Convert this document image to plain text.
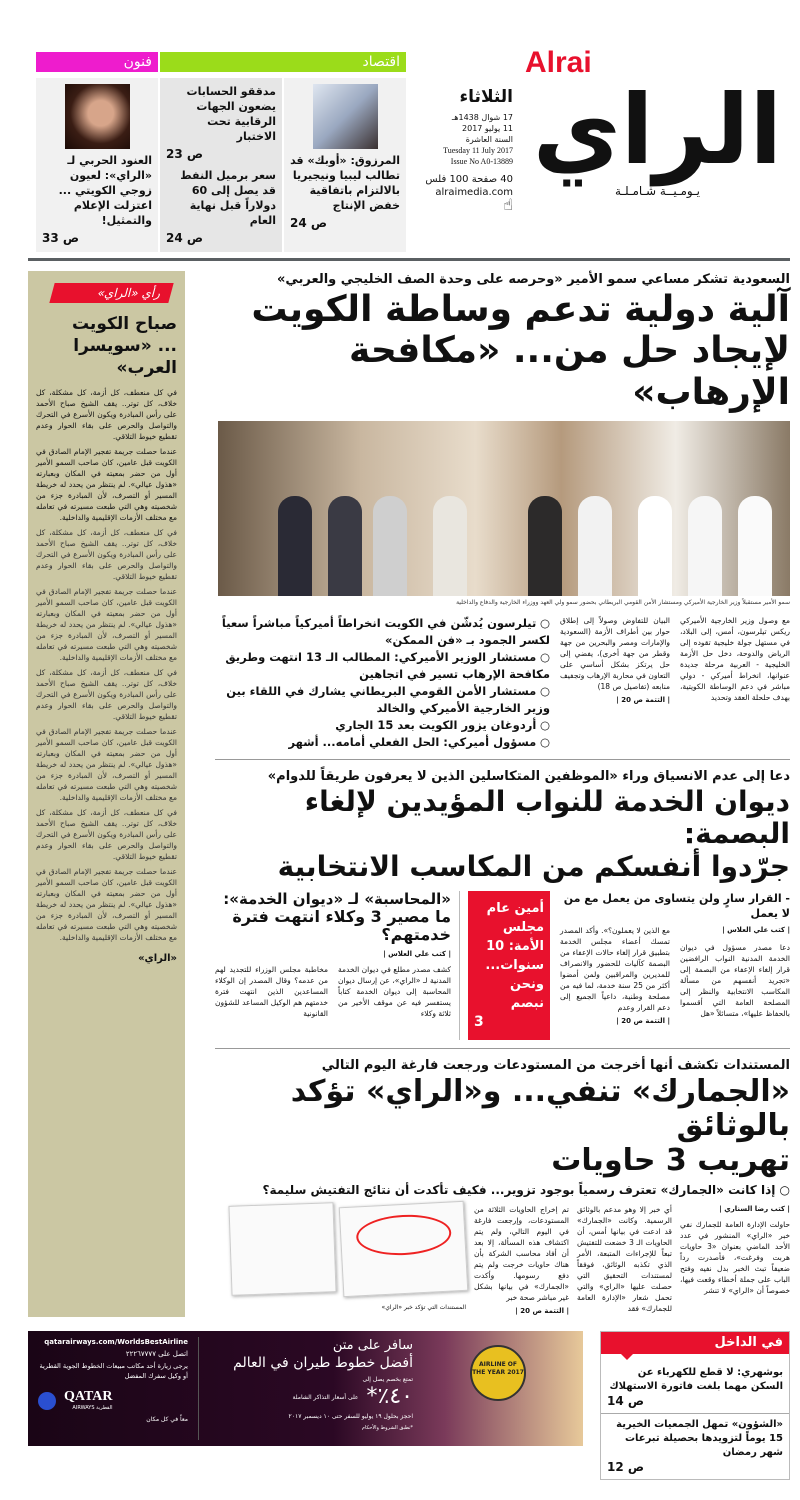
Alrai
الراي
يـومـيــة شـامـلـة
الثلاثاء
17 شوال 1438هـ
11 يوليو 2017
السنة العاشرة
Tuesday 11 July 2017
Issue No A0-13889
40 صفحة 100 فلس
alraimedia.com
☝
اقتصاد
فنون
المرزوق: «أوبك» قد تطالب ليبيا ونيجيريا بالالتزام باتفاقية خفض الإنتاج
ص 24
مدققو الحسابات يضعون الجهات الرقابية تحت الاختبار
ص 23
سعر برميل النفط قد يصل إلى 60 دولاراً قبل نهاية العام
ص 24
العنود الحربي لـ «الراي»: لعيون زوجي الكويتي ... اعتزلت الإعلام والتمثيل!
ص 33
السعودية تشكر مساعي سمو الأمير «وحرصه على وحدة الصف الخليجي والعربي»
آلية دولية تدعم وساطة الكويت
لإيجاد حل من... «مكافحة الإرهاب»
سمو الأمير مستقبلاً وزير الخارجية الأميركي ومستشار الأمن القومي البريطاني بحضور سمو ولي العهد ووزراء الخارجية والدفاع والداخلية
مع وصول وزير الخارجية الأميركي ريكس تيلرسون، أمس، إلى البلاد، في مستهل جولة خليجية تقوده إلى الرياض والدوحة، دخل حل الأزمة الخليجية - العربية مرحلة جديدة عنوانها، انخراط أميركي - دولي مباشر في دعم الوساطة الكويتية، بهدف حلحلة العقد وتحديد
البيان للتفاوض وصولاً إلى إطلاق حوار بين أطراف الأزمة (السعودية والإمارات ومصر والبحرين من جهة وقطر من جهة أخرى)، يفضي إلى حل يرتكز بشكل أساسي على التعاون في محاربة الإرهاب وتجفيف منابعه (تفاصيل ص 18)
| التتمة ص 20 |
○ تيلرسون يُدشّن في الكويت انخراطاً أميركياً مباشراً سعياً لكسر الجمود بـ «فن الممكن»
○ مستشار الوزير الأميركي: المطالب الـ 13 انتهت وطريق مكافحة الإرهاب تسير في اتجاهين
○ مستشار الأمن القومي البريطاني يشارك في اللقاء بين وزير الخارجية الأميركي والخالد
○ أردوغان يزور الكويت بعد 15 الجاري
○ مسؤول أميركي: الحل الفعلي أمامه... أشهر
دعا إلى عدم الانسياق وراء «الموظفين المتكاسلين الذين لا يعرفون طريقاً للدوام»
ديوان الخدمة للنواب المؤيدين لإلغاء البصمة:
جرّدوا أنفسكم من المكاسب الانتخابية
- القرار سارٍ ولن يتساوى من يعمل مع من لا يعمل
| كتب علي العلاس |
دعا مصدر مسؤول في ديوان الخدمة المدنية النواب الرافضين قرار إلغاء الإعفاء من البصمة إلى «تجريد أنفسهم من مسألة المكاسب الانتخابية والنظر إلى المصلحة العامة التي أقسموا بالحفاظ عليها»، متسائلاً «هل
مع الذين لا يعملون؟». وأكد المصدر تمسك أعضاء مجلس الخدمة بتطبيق قرار إلغاء حالات الإعفاء من البصمة كآليات للحضور والانصراف للمديرين والمراقبين ولمن أمضوا أكثر من 25 سنة خدمة، لما فيه من مصلحة وطنية، داعياً الجميع إلى دعم القرار وعدم
| التتمة ص 20 |
أمين عام مجلس الأمة: 10 سنوات... ونحن نبصم
3
«المحاسبة» لـ «ديوان الخدمة»:
ما مصير 3 وكلاء انتهت فترة خدمتهم؟
| كتب علي العلاس |
كشف مصدر مطلع في ديوان الخدمة المدنية لـ «الراي»، عن إرسال ديوان المحاسبة إلى ديوان الخدمة كتاباً يستفسر فيه عن موقف الأخير من ثلاثة وكلاء
مخاطبة مجلس الوزراء للتجديد لهم من عدمه؟ وقال المصدر إن الوكلاء المساعدين الذين انتهت فترة خدمتهم هم الوكيل المساعد للشؤون القانونية
المستندات تكشف أنها أخرجت من المستودعات ورجعت فارغة اليوم التالي
«الجمارك» تنفي... و«الراي» تؤكد بالوثائق
تهريب 3 حاويات
○ إذا كانت «الجمارك» تعترف رسمياً بوجود تزوير... فكيف تأكدت أن نتائج التفتيش سليمة؟
| كتب رضا السناري |
حاولت الإدارة العامة للجمارك نفي خبر «الراي» المنشور في عدد الأحد الماضي بعنوان «3 حاويات هربت وفرغت»، فأصدرت رداً ضعيفاً تبث الخبر بدل نفيه وفتح الباب على جملة أخطاء وقعت فيها، خصوصاً أن «الراي» لا تنشر
أي خبر إلا وهو مدعم بالوثائق الرسمية. وكانت «الجمارك» قد ادعت في بيانها أمس، أن الحاويات الـ 3 خضعت للتفتيش تبعاً للإجراءات المتبعة، الأمر الذي تكذبه الوثائق، فوفقاً لمستندات التحقيق التي حصلت عليها «الراي» والتي تحمل شعار «الإدارة العامة للجمارك» فقد
تم إخراج الحاويات الثلاثة من المستودعات، وإرجعت فارغة في اليوم التالي، ولم يتم اكتشاف هذه المسألة، إلا بعد أن أفاد محاسب الشركة بأن هناك حاويات خرجت ولم يتم دفع رسومها. وأكدت «الجمارك» في بيانها بشكل غير مباشر صحة خبر
| التتمة ص 20 |
المستندات التي تؤكد خبر «الراي»
رأي «الراي»
صباح الكويت
... «سويسرا العرب»
في كل منعطف، كل أزمة، كل مشكلة، كل خلاف، كل توتر.. يقف الشيخ صباح الأحمد على رأس المبادرة ويكون الأسرع في التحرك والتواصل والحرص على بقاء الحوار وعدم تقطيع خيوط التلاقي.
عندما حصلت جريمة تفجير الإمام الصادق في الكويت قبل عامين، كان صاحب السمو الأمير أول من حضر بمعيته في المكان وبعبارته «هذول عيالي». لم ينتظر من يحدد له خريطة المسير أو التصرف، لأن المبادرة جزء من شخصيته وهي التي طبعت مسيرته في تعامله مع مختلف الأزمات الإقليمية والداخلية.
في كل منعطف، كل أزمة، كل مشكلة، كل خلاف، كل توتر.. يقف الشيخ صباح الأحمد على رأس المبادرة ويكون الأسرع في التحرك والتواصل والحرص على بقاء الحوار وعدم تقطيع خيوط التلاقي.
عندما حصلت جريمة تفجير الإمام الصادق في الكويت قبل عامين، كان صاحب السمو الأمير أول من حضر بمعيته في المكان وبعبارته «هذول عيالي». لم ينتظر من يحدد له خريطة المسير أو التصرف، لأن المبادرة جزء من شخصيته وهي التي طبعت مسيرته في تعامله مع مختلف الأزمات الإقليمية والداخلية.
في كل منعطف، كل أزمة، كل مشكلة، كل خلاف، كل توتر.. يقف الشيخ صباح الأحمد على رأس المبادرة ويكون الأسرع في التحرك والتواصل والحرص على بقاء الحوار وعدم تقطيع خيوط التلاقي.
عندما حصلت جريمة تفجير الإمام الصادق في الكويت قبل عامين، كان صاحب السمو الأمير أول من حضر بمعيته في المكان وبعبارته «هذول عيالي». لم ينتظر من يحدد له خريطة المسير أو التصرف، لأن المبادرة جزء من شخصيته وهي التي طبعت مسيرته في تعامله مع مختلف الأزمات الإقليمية والداخلية.
في كل منعطف، كل أزمة، كل مشكلة، كل خلاف، كل توتر.. يقف الشيخ صباح الأحمد على رأس المبادرة ويكون الأسرع في التحرك والتواصل والحرص على بقاء الحوار وعدم تقطيع خيوط التلاقي.
عندما حصلت جريمة تفجير الإمام الصادق في الكويت قبل عامين، كان صاحب السمو الأمير أول من حضر بمعيته في المكان وبعبارته «هذول عيالي». لم ينتظر من يحدد له خريطة المسير أو التصرف، لأن المبادرة جزء من شخصيته وهي التي طبعت مسيرته في تعامله مع مختلف الأزمات الإقليمية والداخلية.
«الراي»
في الداخل
بوشهري: لا قطع للكهرباء عن السكن مهما بلغت فاتورة الاستهلاك
ص 14
«الشؤون» تمهل الجمعيات الخيرية 15 يوماً لتزويدها بحصيلة تبرعات شهر رمضان
ص 12
AIRLINE OF THE YEAR 2017
سافر على متن
أفضل خطوط طيران في العالم
تمتع بخصم يصل إلى
٤٠٪*
على أسعار التذاكر الشاملة
احجز بحلول ١٩ يوليو للسفر حتى ١٠ ديسمبر ٢٠١٧
*تطبق الشروط والأحكام
qatarairways.com/WorldsBestAirline
اتصل على ٢٢٢٦٧٧٧٧
يرجى زيارة أحد مكاتب مبيعات الخطوط الجوية القطرية أو وكيل سفرك المفضل
QATAR
AIRWAYS القطرية
معاً في كل مكان
